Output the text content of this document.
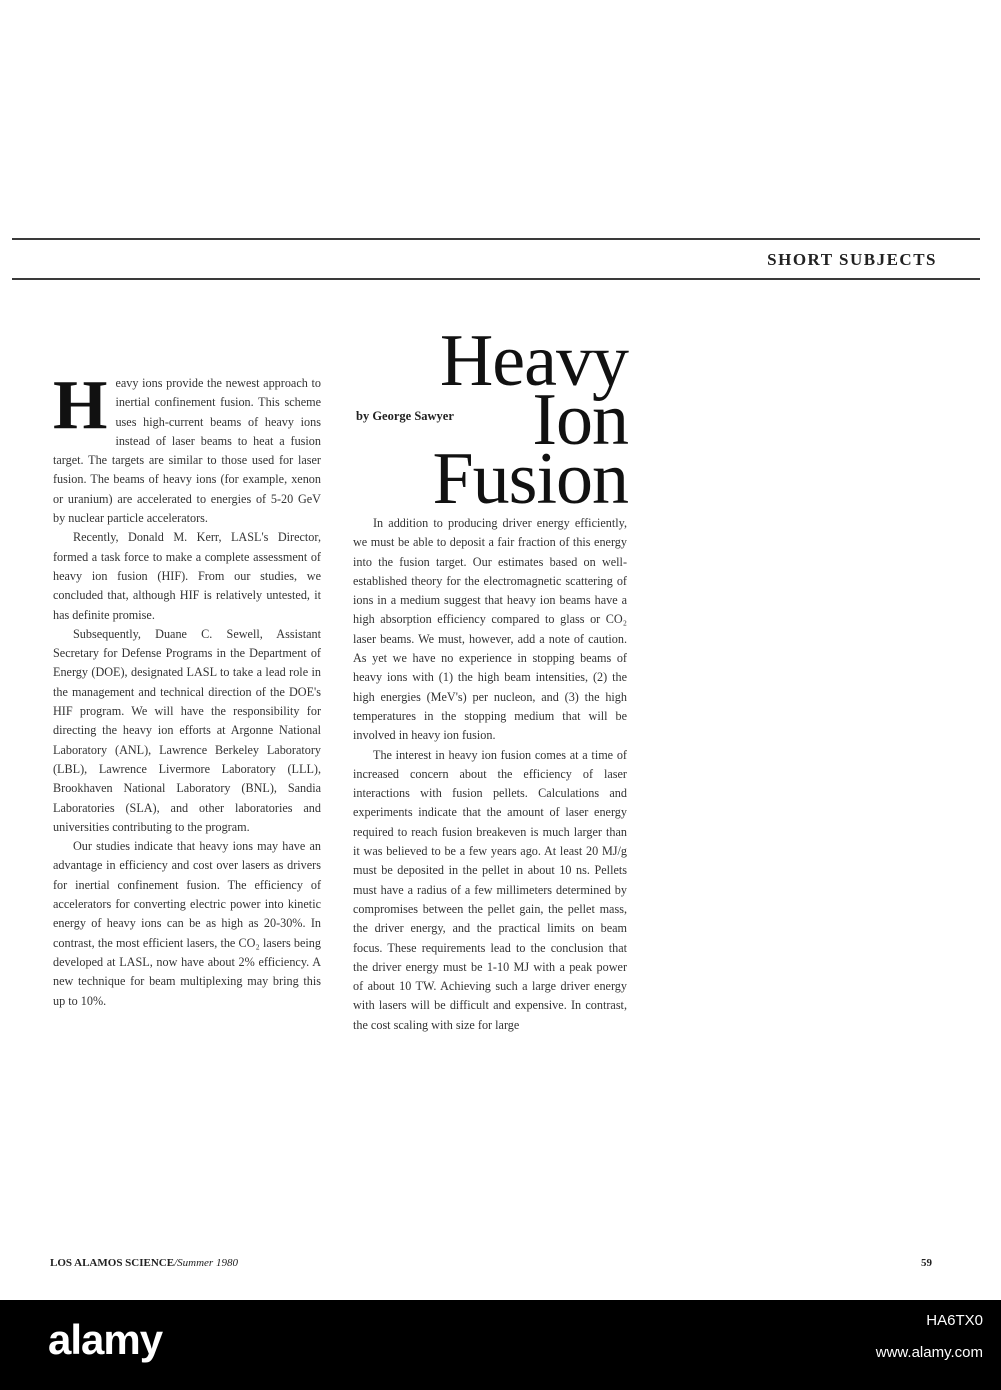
SHORT SUBJECTS
Heavy
Ion
Fusion
by George Sawyer

Heavy ions provide the newest approach to inertial confinement fusion. This scheme uses high-current beams of heavy ions instead of laser beams to heat a fusion target. The targets are similar to those used for laser fusion. The beams of heavy ions (for example, xenon or uranium) are accelerated to energies of 5-20 GeV by nuclear particle accelerators.

Recently, Donald M. Kerr, LASL's Director, formed a task force to make a complete assessment of heavy ion fusion (HIF). From our studies, we concluded that, although HIF is relatively untested, it has definite promise.

Subsequently, Duane C. Sewell, Assistant Secretary for Defense Programs in the Department of Energy (DOE), designated LASL to take a lead role in the management and technical direction of the DOE's HIF program. We will have the responsibility for directing the heavy ion efforts at Argonne National Laboratory (ANL), Lawrence Berkeley Laboratory (LBL), Lawrence Livermore Laboratory (LLL), Brookhaven National Laboratory (BNL), Sandia Laboratories (SLA), and other laboratories and universities contributing to the program.

Our studies indicate that heavy ions may have an advantage in efficiency and cost over lasers as drivers for inertial confinement fusion. The efficiency of accelerators for converting electric power into kinetic energy of heavy ions can be as high as 20-30%. In contrast, the most efficient lasers, the CO₂ lasers being developed at LASL, now have about 2% efficiency. A new technique for beam multiplexing may bring this up to 10%.

In addition to producing driver energy efficiently, we must be able to deposit a fair fraction of this energy into the fusion target. Our estimates based on well-established theory for the electromagnetic scattering of ions in a medium suggest that heavy ion beams have a high absorption efficiency compared to glass or CO₂ laser beams. We must, however, add a note of caution. As yet we have no experience in stopping beams of heavy ions with (1) the high beam intensities, (2) the high energies (MeV's) per nucleon, and (3) the high temperatures in the stopping medium that will be involved in heavy ion fusion.

The interest in heavy ion fusion comes at a time of increased concern about the efficiency of laser interactions with fusion pellets. Calculations and experiments indicate that the amount of laser energy required to reach fusion breakeven is much larger than it was believed to be a few years ago. At least 20 MJ/g must be deposited in the pellet in about 10 ns. Pellets must have a radius of a few millimeters determined by compromises between the pellet gain, the pellet mass, the driver energy, and the practical limits on beam focus. These requirements lead to the conclusion that the driver energy must be 1-10 MJ with a peak power of about 10 TW. Achieving such a large driver energy with lasers will be difficult and expensive. In contrast, the cost scaling with size for large

LOS ALAMOS SCIENCE/Summer 1980	59
alamy	HA6TX0
www.alamy.com
